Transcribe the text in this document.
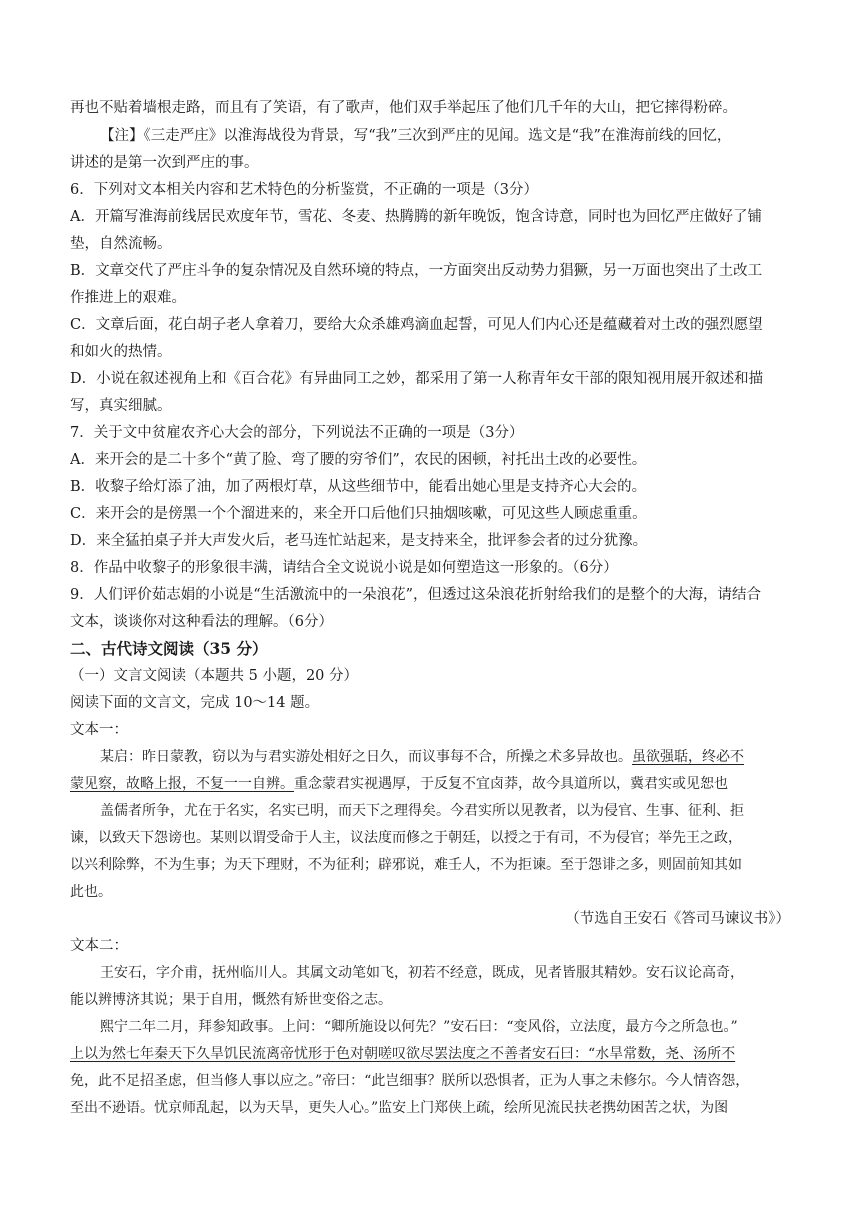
再也不贴着墙根走路，而且有了笑语，有了歌声，他们双手举起压了他们几千年的大山，把它摔得粉碎。
【注】《三走严庄》以淮海战役为背景，写“我”三次到严庄的见闻。选文是“我”在淮海前线的回忆，
讲述的是第一次到严庄的事。
6．下列对文本相关内容和艺术特色的分析鉴赏，不正确的一项是（3分）
A．开篇写淮海前线居民欢度年节，雪花、冬麦、热腾腾的新年晚饭，饱含诗意，同时也为回忆严庄做好了铺
垫，自然流畅。
B．文章交代了严庄斗争的复杂情况及自然环境的特点，一方面突出反动势力猖獗，另一万面也突出了土改工
作推进上的艰难。
C．文章后面，花白胡子老人拿着刀，要给大众杀雄鸡滴血起誓，可见人们内心还是蕴藏着对土改的强烈愿望
和如火的热情。
D．小说在叙述视角上和《百合花》有异曲同工之妙，都采用了第一人称青年女干部的限知视用展开叙述和描
写，真实细腻。
7．关于文中贫雇农齐心大会的部分，下列说法不正确的一项是（3分）
A．来开会的是二十多个“黄了脸、弯了腰的穷爷们”，农民的困顿，衬托出土改的必要性。
B．收黎子给灯添了油，加了两根灯草，从这些细节中，能看出她心里是支持齐心大会的。
C．来开会的是傍黑一个个溜进来的，来全开口后他们只抽烟咳嗽，可见这些人顾虑重重。
D．来全猛拍桌子并大声发火后，老马连忙站起来，是支持来全，批评参会者的过分犹豫。
8．作品中收黎子的形象很丰满，请结合全文说说小说是如何塑造这一形象的。（6分）
9．人们评价茹志娟的小说是“生活激流中的一朵浪花”，但透过这朵浪花折射给我们的是整个的大海，请结合
文本，谈谈你对这种看法的理解。（6分）
二、古代诗文阅读（35 分）
（一）文言文阅读（本题共 5 小题，20 分）
阅读下面的文言文，完成 10～14 题。
文本一：
某启：昨日蒙教，窃以为与君实游处相好之日久，而议事每不合，所操之术多异故也。虽欲强聒，终必不
蒙见察，故略上报，不复一一自辨。重念蒙君实视遇厚，于反复不宜卤莽，故今具道所以，冀君实或见恕也
盖儒者所争，尤在于名实，名实已明，而天下之理得矣。今君实所以见教者，以为侵官、生事、征利、拒
谏，以致天下怨谤也。某则以谓受命于人主，议法度而修之于朝廷，以授之于有司，不为侵官；举先王之政，
以兴利除弊，不为生事；为天下理财，不为征利；辟邪说，难壬人，不为拒谏。至于怨诽之多，则固前知其如
此也。
（节选自王安石《答司马谏议书》）
文本二：
王安石，字介甫，抚州临川人。其属文动笔如飞，初若不经意，既成，见者皆服其精妙。安石议论高奇，
能以辨博济其说；果于自用，慨然有矫世变俗之志。
熙宁二年二月，拜参知政事。上问：“卿所施设以何先？”安石曰：“变风俗，立法度，最方今之所急也。”
上以为然七年秦天下久旱饥民流离帝忧形于色对朝嗟叹欲尽罢法度之不善者安石曰：“水旱常数，尧、汤所不
免，此不足招圣虑，但当修人事以应之。”帝曰：“此岂细事？朕所以恐惧者，正为人事之未修尔。今人情咨怨，
至出不逊语。忧京师乱起，以为天旱，更失人心。”监安上门郑侠上疏，绘所见流民扶老携幼困苦之状，为图
